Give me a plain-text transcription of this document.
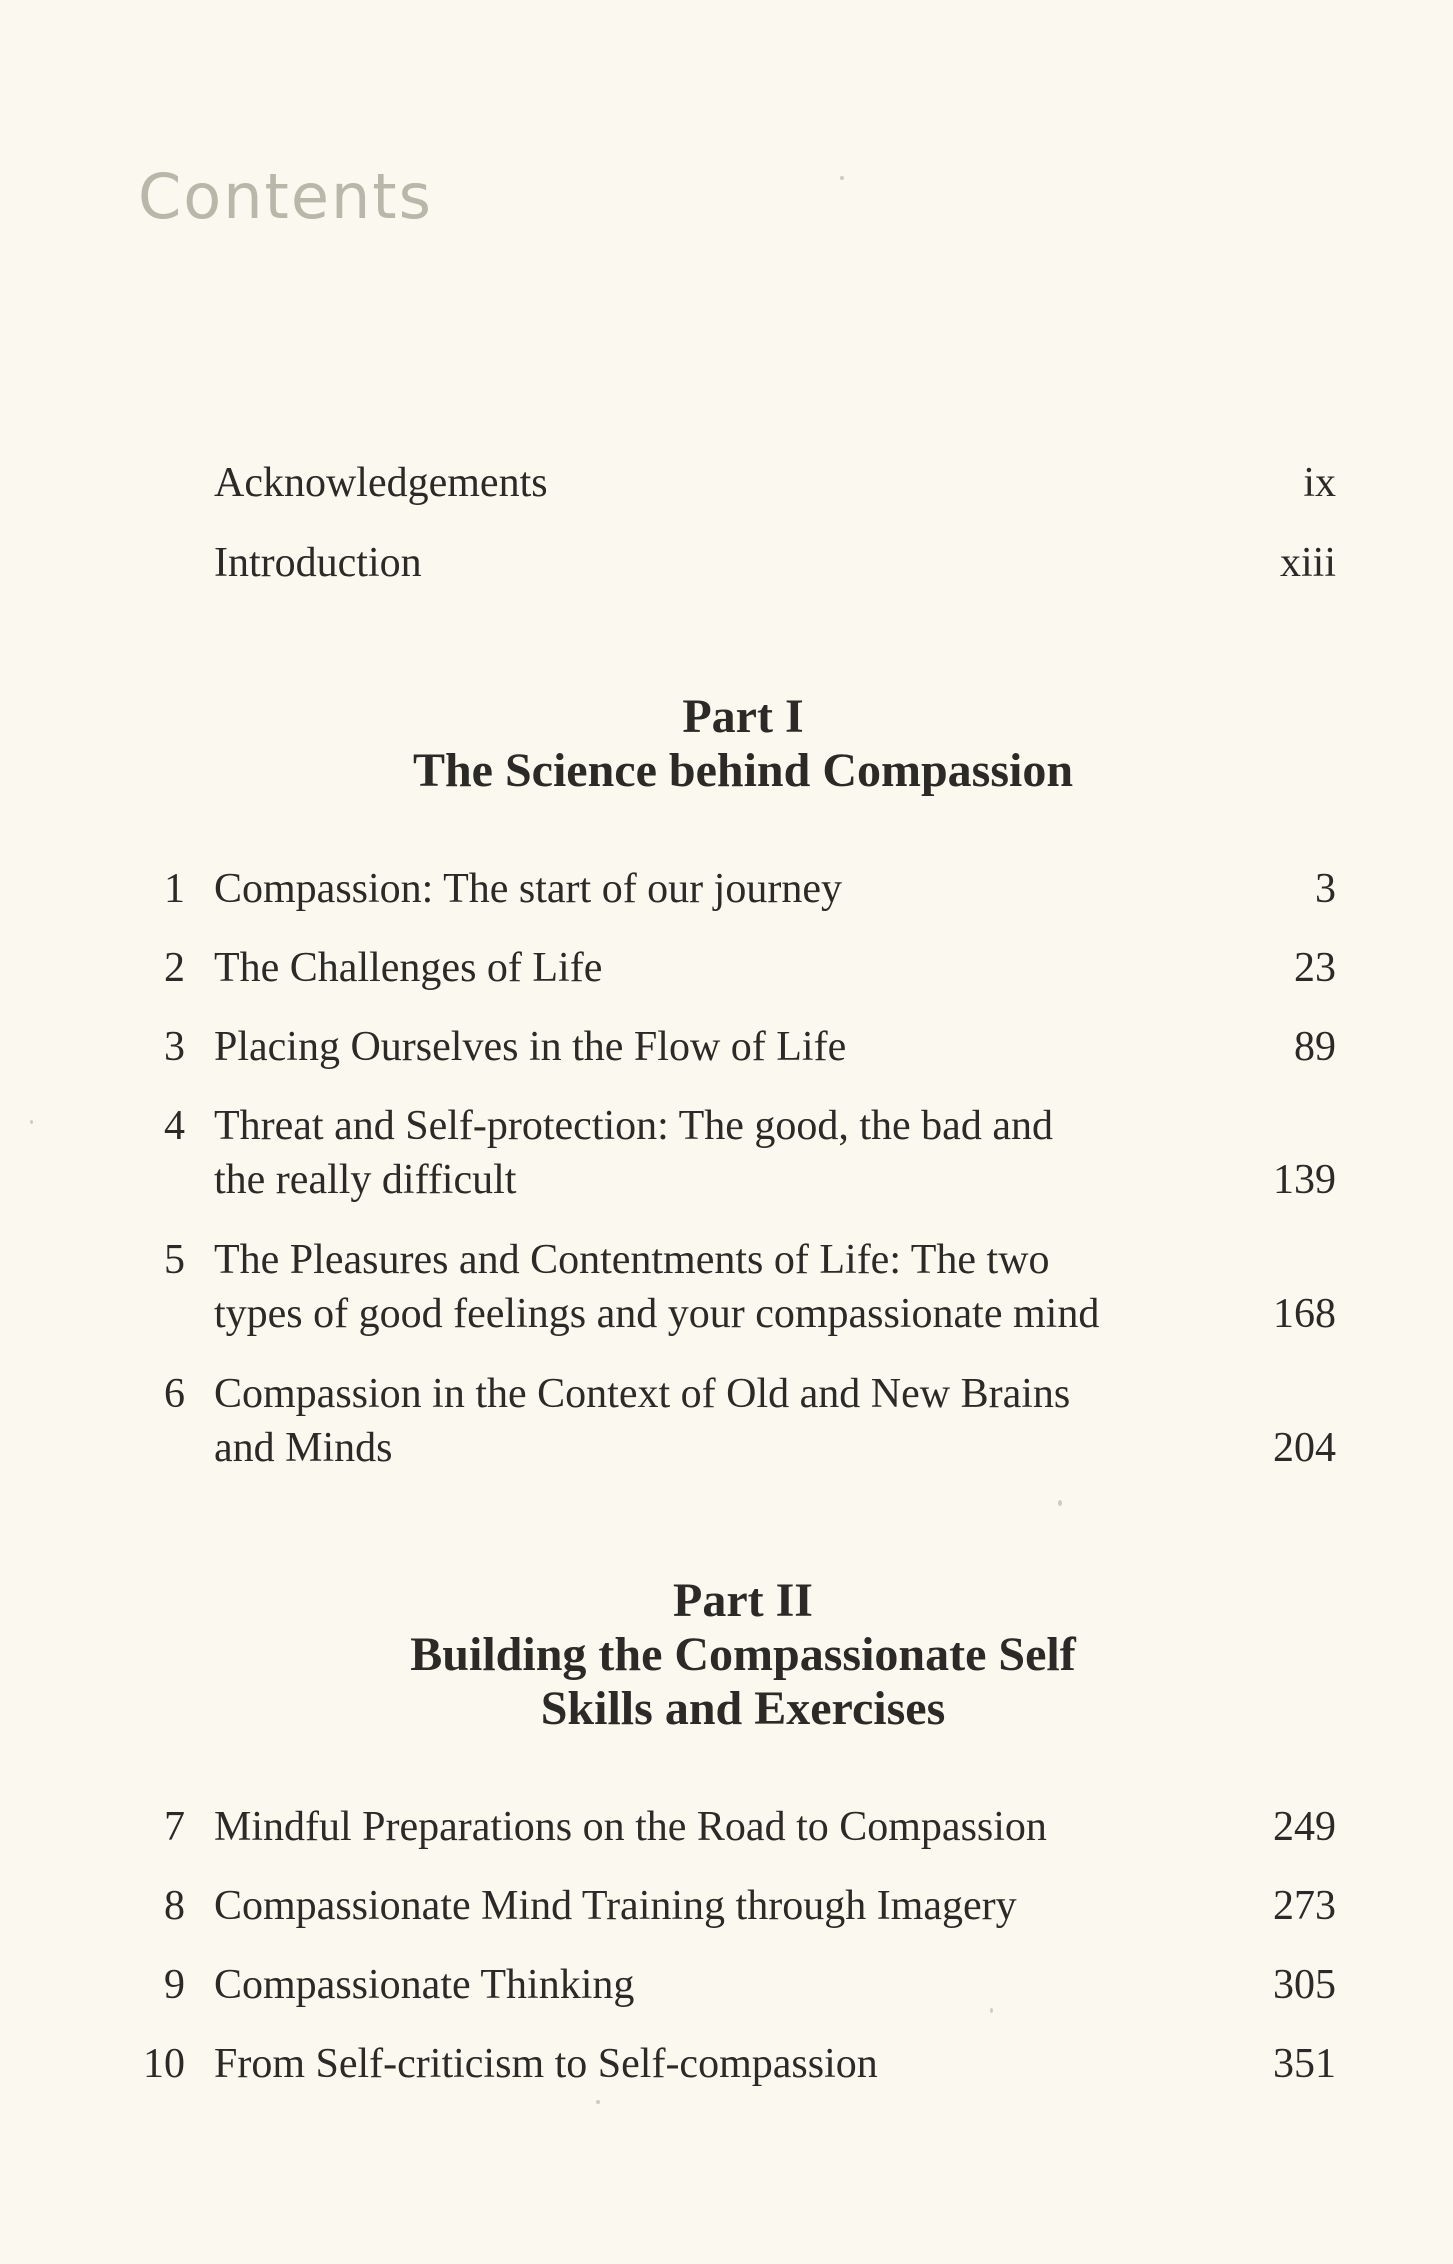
Contents
Acknowledgements	ix
Introduction	xiii
Part I
The Science behind Compassion
1 Compassion: The start of our journey	3
2 The Challenges of Life	23
3 Placing Ourselves in the Flow of Life	89
4 Threat and Self-protection: The good, the bad and
the really difficult	139
5 The Pleasures and Contentments of Life: The two
types of good feelings and your compassionate mind	168
6 Compassion in the Context of Old and New Brains
and Minds	204
Part II
Building the Compassionate Self
Skills and Exercises
7 Mindful Preparations on the Road to Compassion	249
8 Compassionate Mind Training through Imagery	273
9 Compassionate Thinking	305
10 From Self-criticism to Self-compassion	351
